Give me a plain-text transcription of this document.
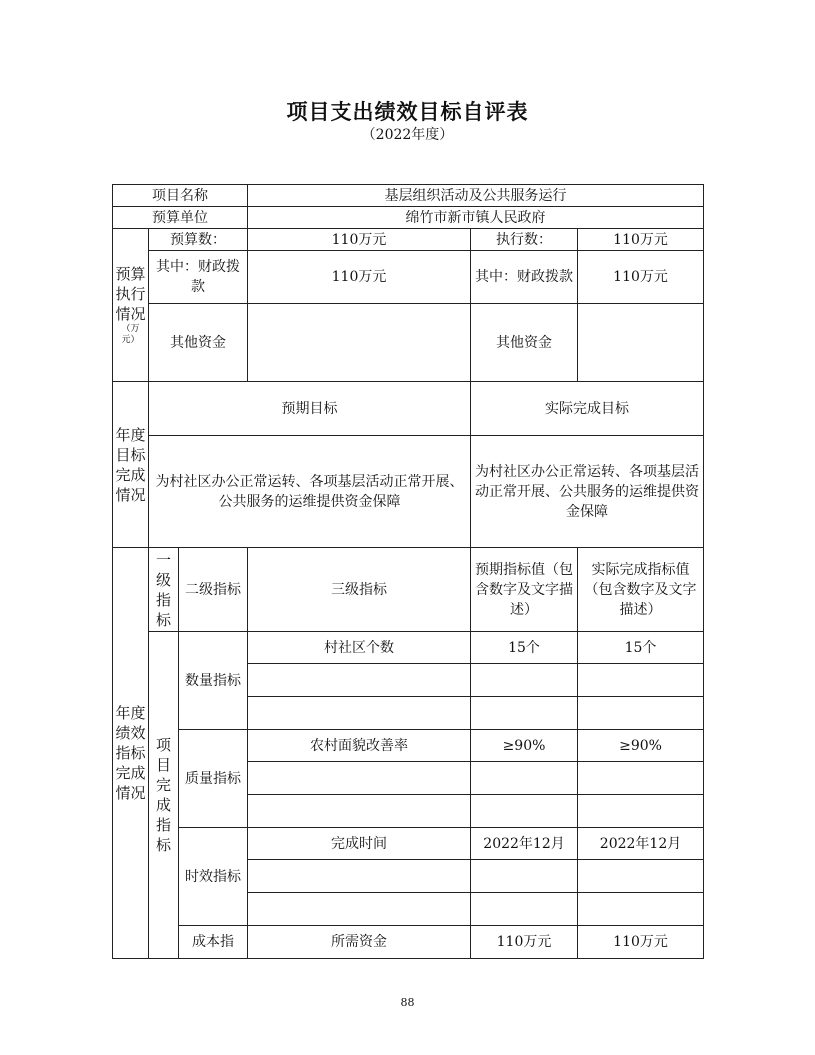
项目支出绩效目标自评表
（2022年度）
项目名称			基层组织活动及公共服务运行		
预算单位			绵竹市新市镇人民政府		
预算执行情况
（万元）	预算数：		110万元	执行数：	110万元
	其中：财政拨款		110万元	其中：财政拨款	110万元
	其他资金			其他资金	
年度目标完成情况	预期目标			实际完成目标	
	为村社区办公正常运转、各项基层活动正常开展、公共服务的运维提供资金保障			为村社区办公正常运转、各项基层活动正常开展、公共服务的运维提供资金保障	
年度绩效指标完成情况	一级指标	二级指标	三级指标	预期指标值（包含数字及文字描述）	实际完成指标值（包含数字及文字描述）
	项目完成指标	数量指标	村社区个数	15个	15个

		质量指标	农村面貌改善率	≥90%	≥90%

		时效指标	完成时间	2022年12月	2022年12月

		成本指	所需资金	110万元	110万元
88
